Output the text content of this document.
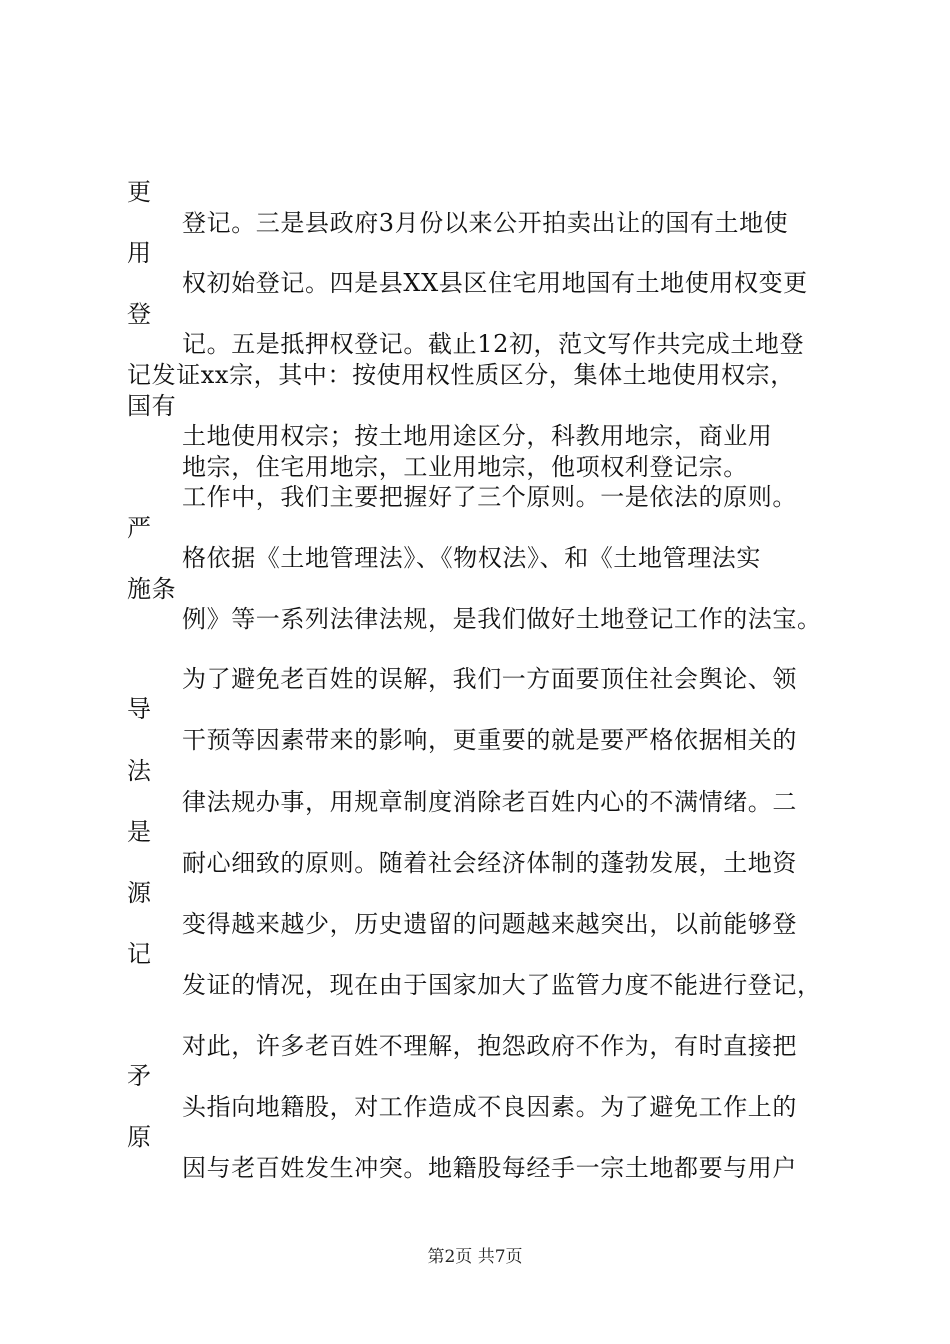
更
登记。三是县政府3月份以来公开拍卖出让的国有土地使
用
权初始登记。四是县XX县区住宅用地国有土地使用权变更
登
记。五是抵押权登记。截止12初，范文写作共完成土地登
记发证xx宗，其中：按使用权性质区分，集体土地使用权宗，
国有
土地使用权宗；按土地用途区分，科教用地宗，商业用
地宗，住宅用地宗，工业用地宗，他项权利登记宗。
工作中，我们主要把握好了三个原则。一是依法的原则。
严
格依据《土地管理法》、《物权法》、和《土地管理法实
施条
例》等一系列法律法规，是我们做好土地登记工作的法宝。
为了避免老百姓的误解，我们一方面要顶住社会舆论、领
导
干预等因素带来的影响，更重要的就是要严格依据相关的
法
律法规办事，用规章制度消除老百姓内心的不满情绪。二
是
耐心细致的原则。随着社会经济体制的蓬勃发展，土地资
源
变得越来越少，历史遗留的问题越来越突出，以前能够登
记
发证的情况，现在由于国家加大了监管力度不能进行登记，
对此，许多老百姓不理解，抱怨政府不作为，有时直接把
矛
头指向地籍股，对工作造成不良因素。为了避免工作上的
原
因与老百姓发生冲突。地籍股每经手一宗土地都要与用户
第2页 共7页
